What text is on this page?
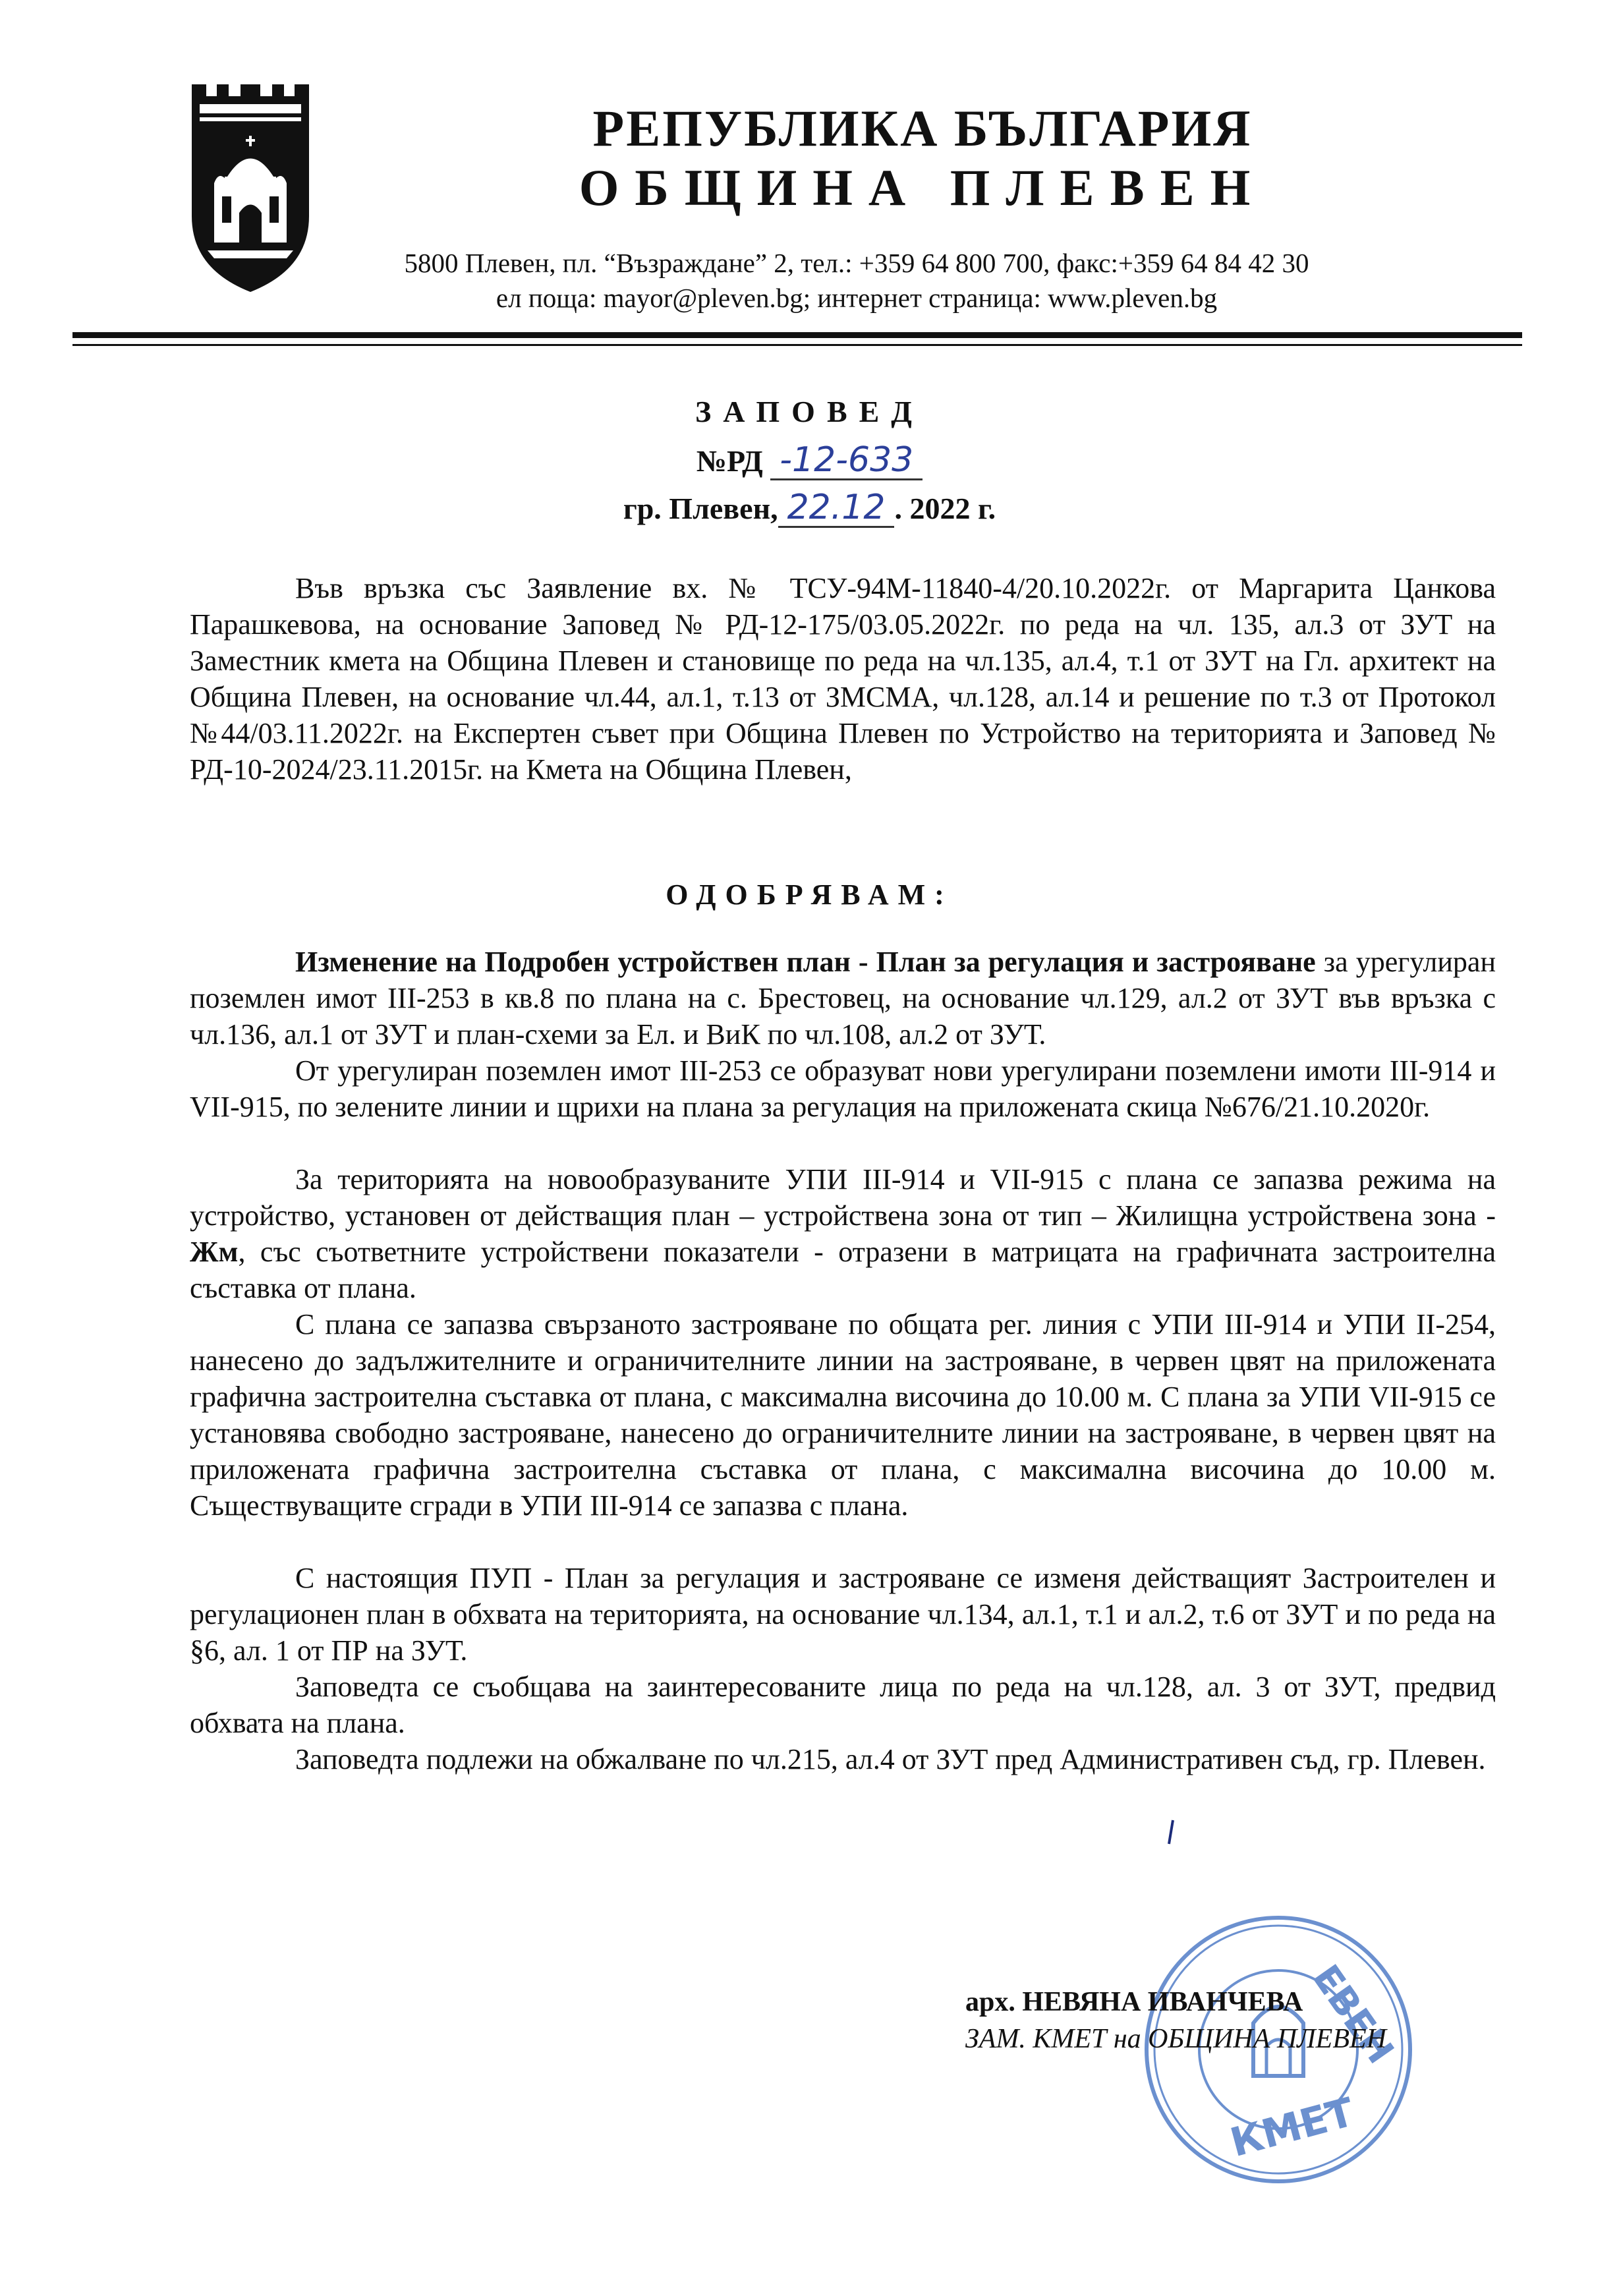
РЕПУБЛИКА БЪЛГАРИЯ
ОБЩИНА ПЛЕВЕН
5800 Плевен, пл. “Възраждане” 2, тел.: +359 64 800 700, факс:+359 64 84 42 30
ел поща: mayor@pleven.bg; интернет страница: www.pleven.bg
ЗАПОВЕД
№РД -12-633
гр. Плевен, 22.12 . 2022 г.
Във връзка със Заявление вх. № ТСУ-94М-11840-4/20.10.2022г. от Маргарита Цанкова Парашкевова, на основание Заповед № РД-12-175/03.05.2022г. по реда на чл. 135, ал.3 от ЗУТ на Заместник кмета на Община Плевен и становище по реда на чл.135, ал.4, т.1 от ЗУТ на Гл. архитект на Община Плевен, на основание чл.44, ал.1, т.13 от ЗМСМА, чл.128, ал.14 и решение по т.3 от Протокол №44/03.11.2022г. на Експертен съвет при Община Плевен по Устройство на територията и Заповед № РД-10-2024/23.11.2015г. на Кмета на Община Плевен,
ОДОБРЯВАМ:
Изменение на Подробен устройствен план - План за регулация и застрояване за урегулиран поземлен имот III-253 в кв.8 по плана на с. Брестовец, на основание чл.129, ал.2 от ЗУТ във връзка с чл.136, ал.1 от ЗУТ и план-схеми за Ел. и ВиК по чл.108, ал.2 от ЗУТ.
От урегулиран поземлен имот III-253 се образуват нови урегулирани поземлени имоти III-914 и VII-915, по зелените линии и щрихи на плана за регулация на приложената скица №676/21.10.2020г.
За територията на новообразуваните УПИ III-914 и VII-915 с плана се запазва режима на устройство, установен от действащия план – устройствена зона от тип – Жилищна устройствена зона - Жм, със съответните устройствени показатели - отразени в матрицата на графичната застроителна съставка от плана.
С плана се запазва свързаното застрояване по общата рег. линия с УПИ III-914 и УПИ II-254, нанесено до задължителните и ограничителните линии на застрояване, в червен цвят на приложената графична застроителна съставка от плана, с максимална височина до 10.00 м. С плана за УПИ VII-915 се установява свободно застрояване, нанесено до ограничителните линии на застрояване, в червен цвят на приложената графична застроителна съставка от плана, с максимална височина до 10.00 м. Съществуващите сгради в УПИ III-914 се запазва с плана.
С настоящия ПУП - План за регулация и застрояване се изменя действащият Застроителен и регулационен план в обхвата на територията, на основание чл.134, ал.1, т.1 и ал.2, т.6 от ЗУТ и по реда на §6, ал. 1 от ПР на ЗУТ.
Заповедта се съобщава на заинтересованите лица по реда на чл.128, ал. 3 от ЗУТ, предвид обхвата на плана.
Заповедта подлежи на обжалване по чл.215, ал.4 от ЗУТ пред Административен съд, гр. Плевен.
ЕВЕН
КМЕТ
арх. НЕВЯНА ИВАНЧЕВА
ЗАМ. КМЕТ на ОБЩИНА ПЛЕВЕН
